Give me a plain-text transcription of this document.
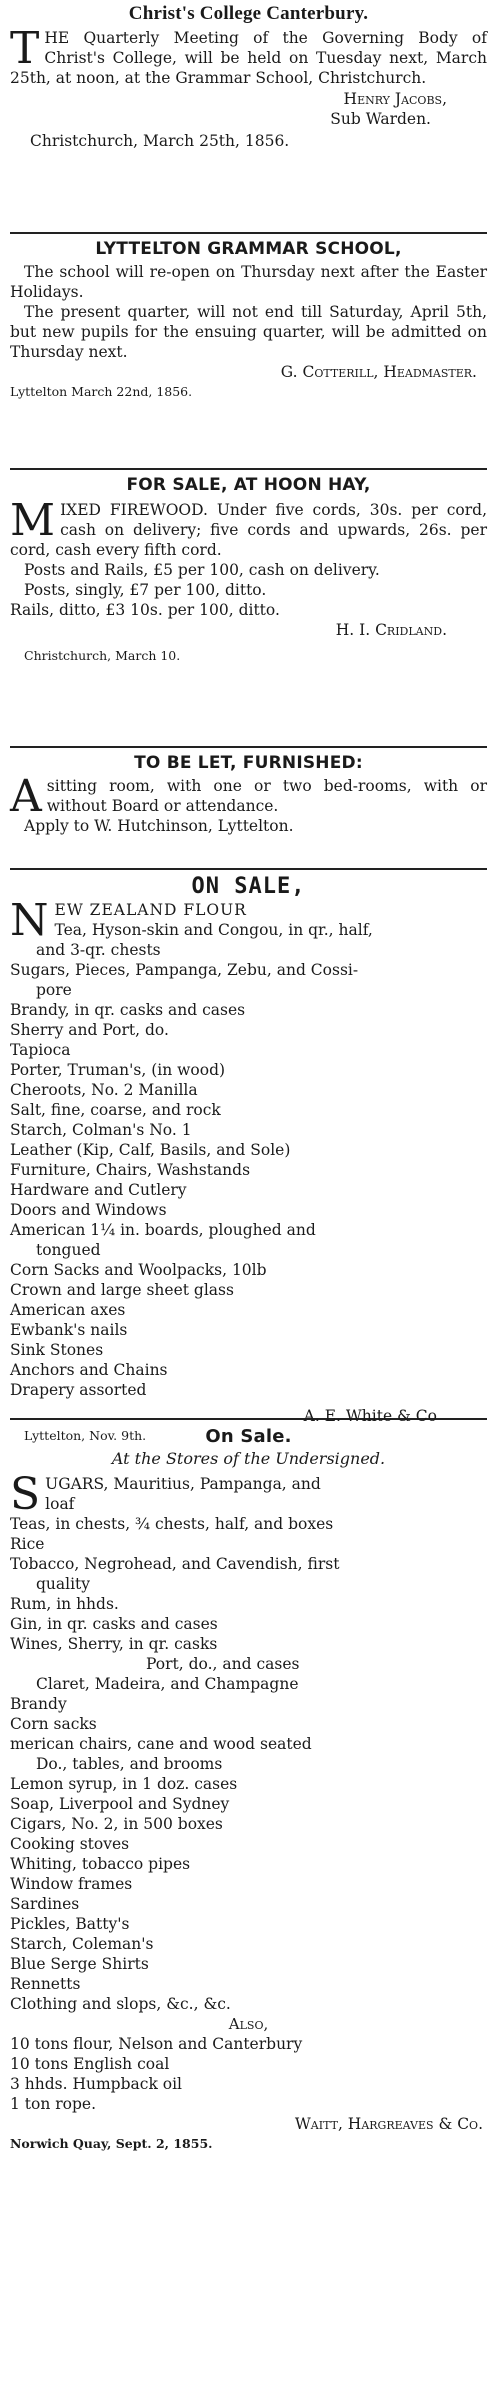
Christ's College Canterbury.

THE Quarterly Meeting of the Governing Body of Christ's College, will be held on Tuesday next, March 25th, at noon, at the Grammar School, Christchurch.

Henry Jacobs,

Sub Warden.

Christchurch, March 25th, 1856.

LYTTELTON GRAMMAR SCHOOL,

The school will re-open on Thursday next after the Easter Holidays.

The present quarter, will not end till Saturday, April 5th, but new pupils for the ensuing quarter, will be admitted on Thursday next.

G. Cotterill, Headmaster.

Lyttelton March 22nd, 1856.

FOR SALE, AT HOON HAY,

MIXED FIREWOOD. Under five cords, 30s. per cord, cash on delivery; five cords and upwards, 26s. per cord, cash every fifth cord.

Posts and Rails, £5 per 100, cash on delivery.

Posts, singly, £7 per 100, ditto.

Rails, ditto, £3 10s. per 100, ditto.

H. I. Cridland.

Christchurch, March 10.

TO BE LET, FURNISHED:

Asitting room, with one or two bed-rooms, with or without Board or attendance.

Apply to W. Hutchinson, Lyttelton.

ON SALE,

NEW ZEALAND FLOUR

Tea, Hyson-skin and Congou, in qr., half,
and 3-qr. chests
Sugars, Pieces, Pampanga, Zebu, and Cossi-
pore
Brandy, in qr. casks and cases
Sherry and Port, do.
Tapioca
Porter, Truman's, (in wood)
Cheroots, No. 2 Manilla
Salt, fine, coarse, and rock
Starch, Colman's No. 1
Leather (Kip, Calf, Basils, and Sole)
Furniture, Chairs, Washstands
Hardware and Cutlery
Doors and Windows
American 1¼ in. boards, ploughed and
tongued
Corn Sacks and Woolpacks, 10lb
Crown and large sheet glass
American axes
Ewbank's nails
Sink Stones
Anchors and Chains
Drapery assorted

A. E. White & Co

Lyttelton, Nov. 9th.	On Sale.

At the Stores of the Undersigned.

SUGARS, Mauritius, Pampanga, and

loaf
Teas, in chests, ¾ chests, half, and boxes
Rice
Tobacco, Negrohead, and Cavendish, first
quality
Rum, in hhds.
Gin, in qr. casks and cases
Wines, Sherry, in qr. casks
Port, do., and cases
Claret, Madeira, and Champagne
Brandy
Corn sacks
merican chairs, cane and wood seated
Do., tables, and brooms
Lemon syrup, in 1 doz. cases
Soap, Liverpool and Sydney
Cigars, No. 2, in 500 boxes
Cooking stoves
Whiting, tobacco pipes
Window frames
Sardines
Pickles, Batty's
Starch, Coleman's
Blue Serge Shirts
Rennetts
Clothing and slops, &c., &c.
Also,
10 tons flour, Nelson and Canterbury
10 tons English coal
3 hhds. Humpback oil
1 ton rope.

Waitt, Hargreaves & Co.

Norwich Quay, Sept. 2, 1855.
